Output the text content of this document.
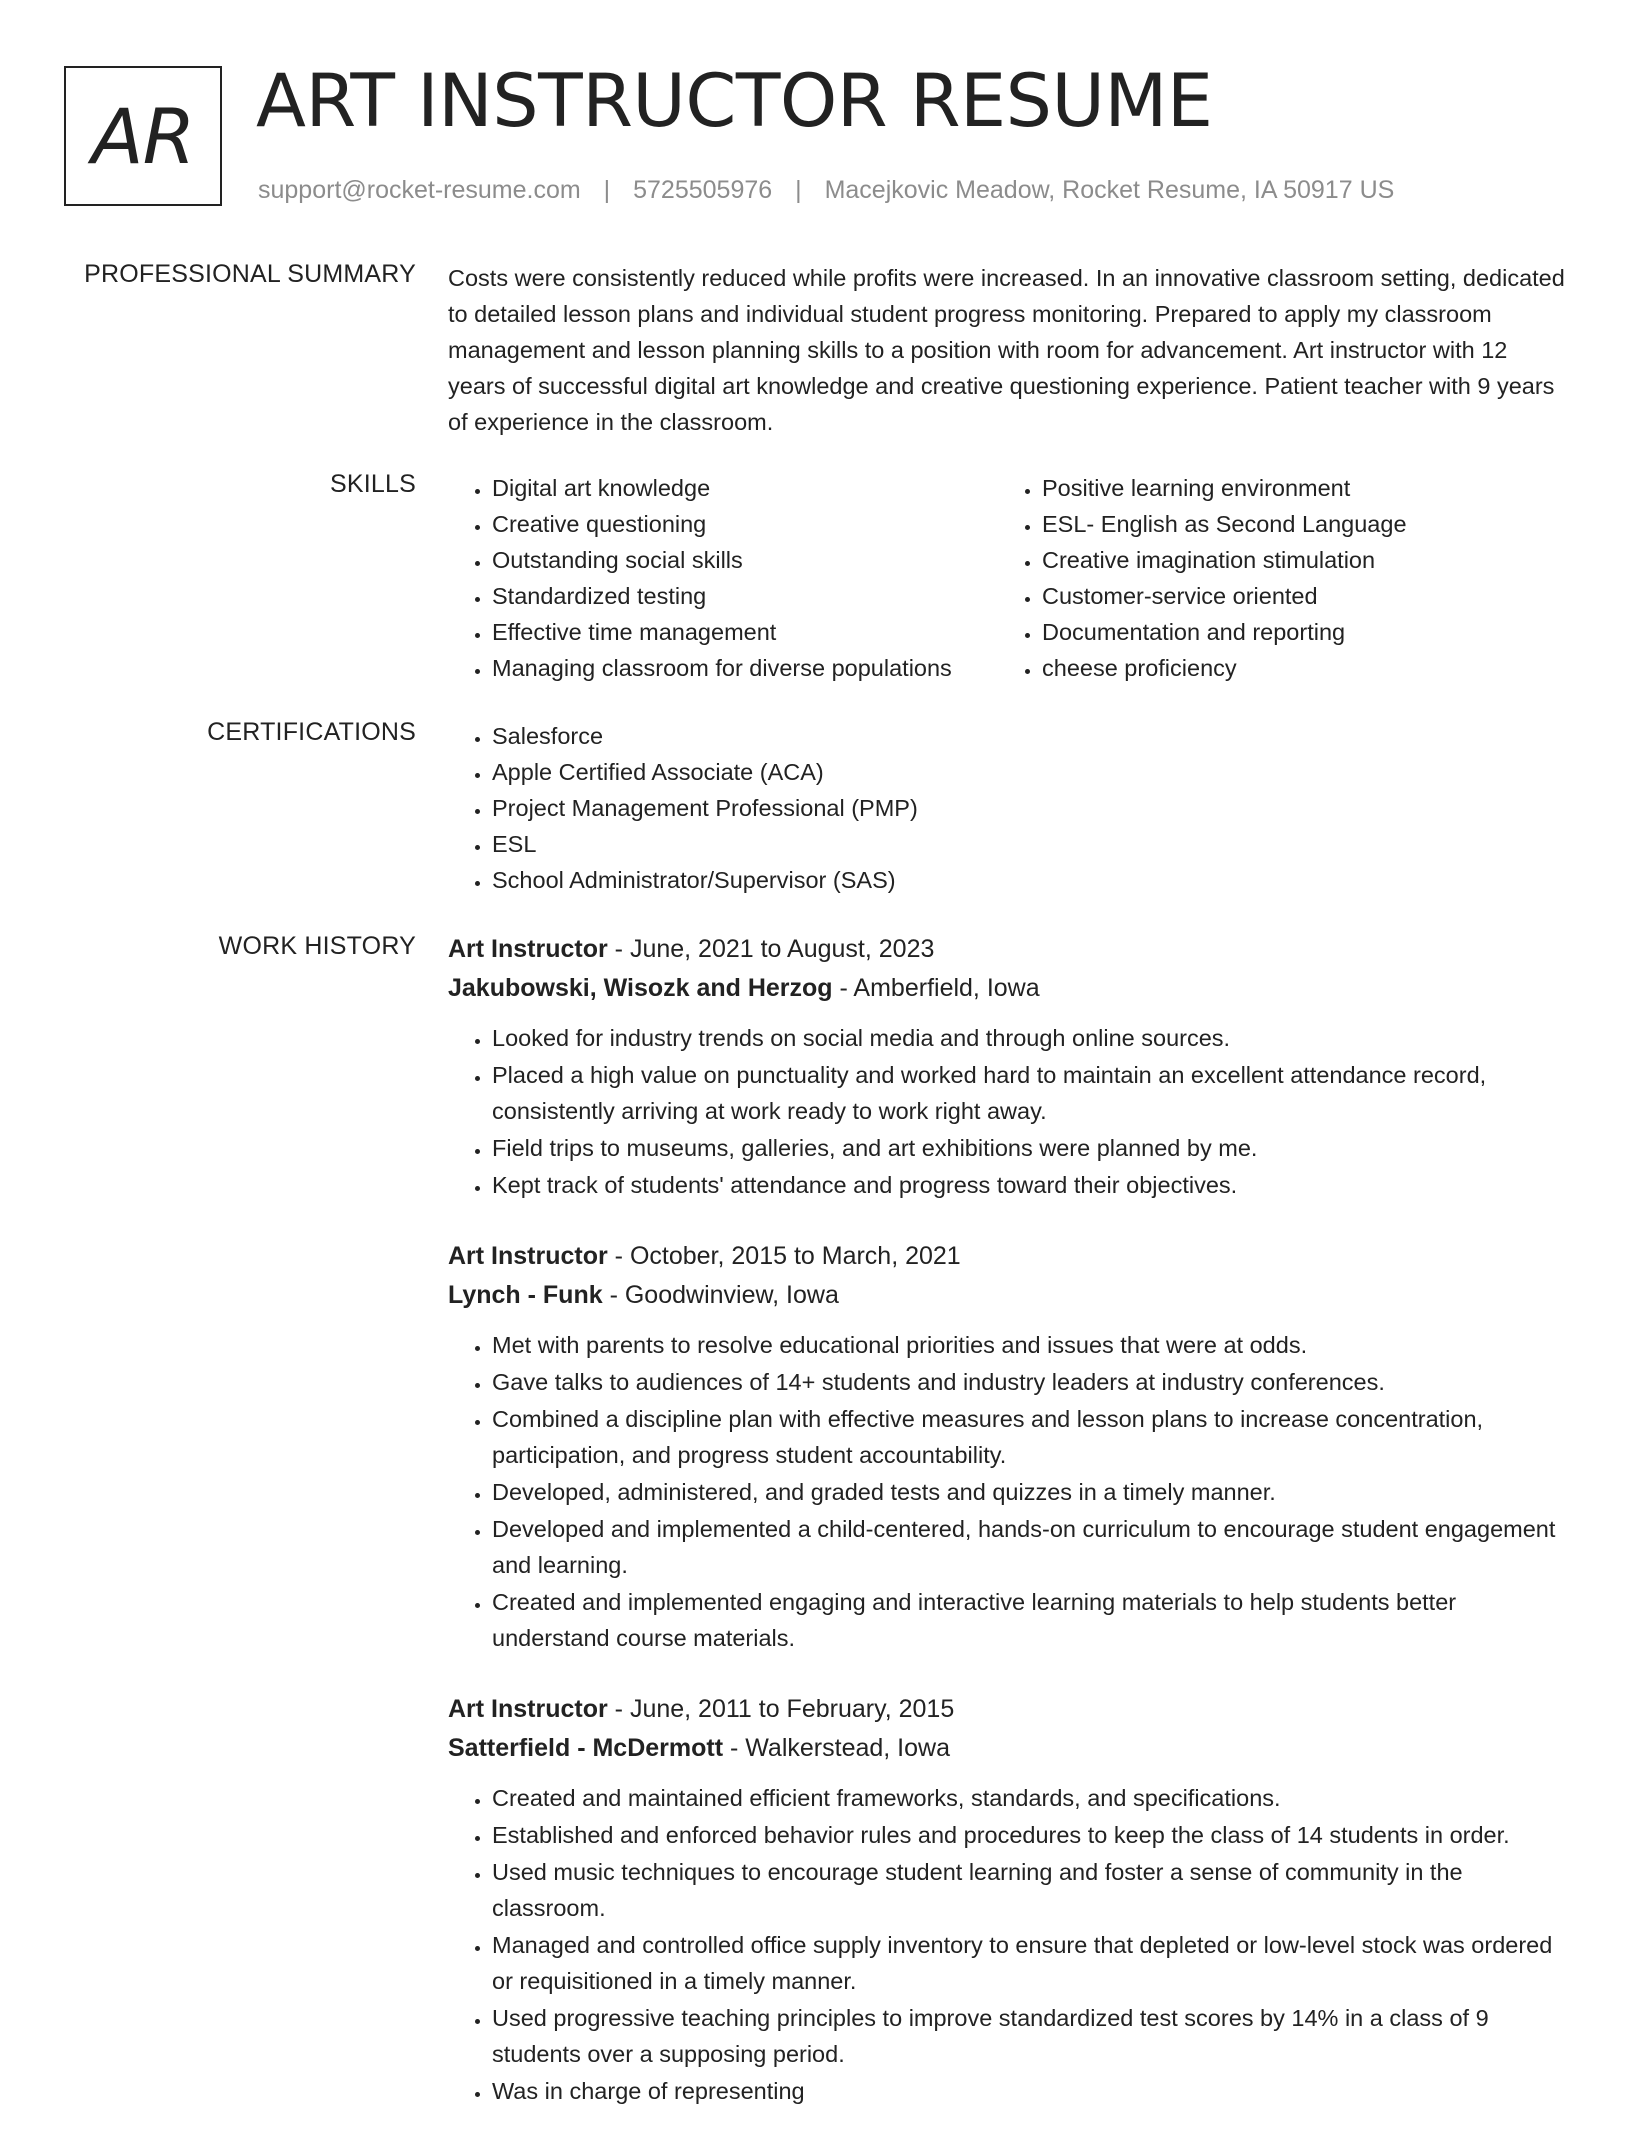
AR ART INSTRUCTOR RESUME
support@rocket-resume.com | 5725505976 | Macejkovic Meadow, Rocket Resume, IA 50917 US
PROFESSIONAL SUMMARY Costs were consistently reduced while profits were increased. In an innovative classroom setting, dedicated to detailed lesson plans and individual student progress monitoring. Prepared to apply my classroom management and lesson planning skills to a position with room for advancement. Art instructor with 12 years of successful digital art knowledge and creative questioning experience. Patient teacher with 9 years of experience in the classroom.

SKILLS	• Digital art knowledge
• Creative questioning
• Outstanding social skills
• Standardized testing
• Effective time management
• Managing classroom for diverse populations
• Positive learning environment
• ESL- English as Second Language
• Creative imagination stimulation
• Customer-service oriented
• Documentation and reporting
• cheese proficiency
CERTIFICATIONS	• Salesforce
• Apple Certified Associate (ACA)
• Project Management Professional (PMP)
• ESL
• School Administrator/Supervisor (SAS)
WORK HISTORY Art Instructor - June, 2021 to August, 2023
Jakubowski, Wisozk and Herzog - Amberfield, Iowa
• Looked for industry trends on social media and through online sources.
• Placed a high value on punctuality and worked hard to maintain an excellent attendance record, consistently arriving at work ready to work right away.
• Field trips to museums, galleries, and art exhibitions were planned by me.
• Kept track of students' attendance and progress toward their objectives.
Art Instructor - October, 2015 to March, 2021
Lynch - Funk - Goodwinview, Iowa
• Met with parents to resolve educational priorities and issues that were at odds.
• Gave talks to audiences of 14+ students and industry leaders at industry conferences.
• Combined a discipline plan with effective measures and lesson plans to increase concentration, participation, and progress student accountability.
• Developed, administered, and graded tests and quizzes in a timely manner.
• Developed and implemented a child-centered, hands-on curriculum to encourage student engagement and learning.
• Created and implemented engaging and interactive learning materials to help students better understand course materials.
Art Instructor - June, 2011 to February, 2015
Satterfield - McDermott - Walkerstead, Iowa
• Created and maintained efficient frameworks, standards, and specifications.
• Established and enforced behavior rules and procedures to keep the class of 14 students in order.
• Used music techniques to encourage student learning and foster a sense of community in the classroom.
• Managed and controlled office supply inventory to ensure that depleted or low-level stock was ordered or requisitioned in a timely manner.
• Used progressive teaching principles to improve standardized test scores by 14% in a class of 9 students over a supposing period.
• Was in charge of representing
